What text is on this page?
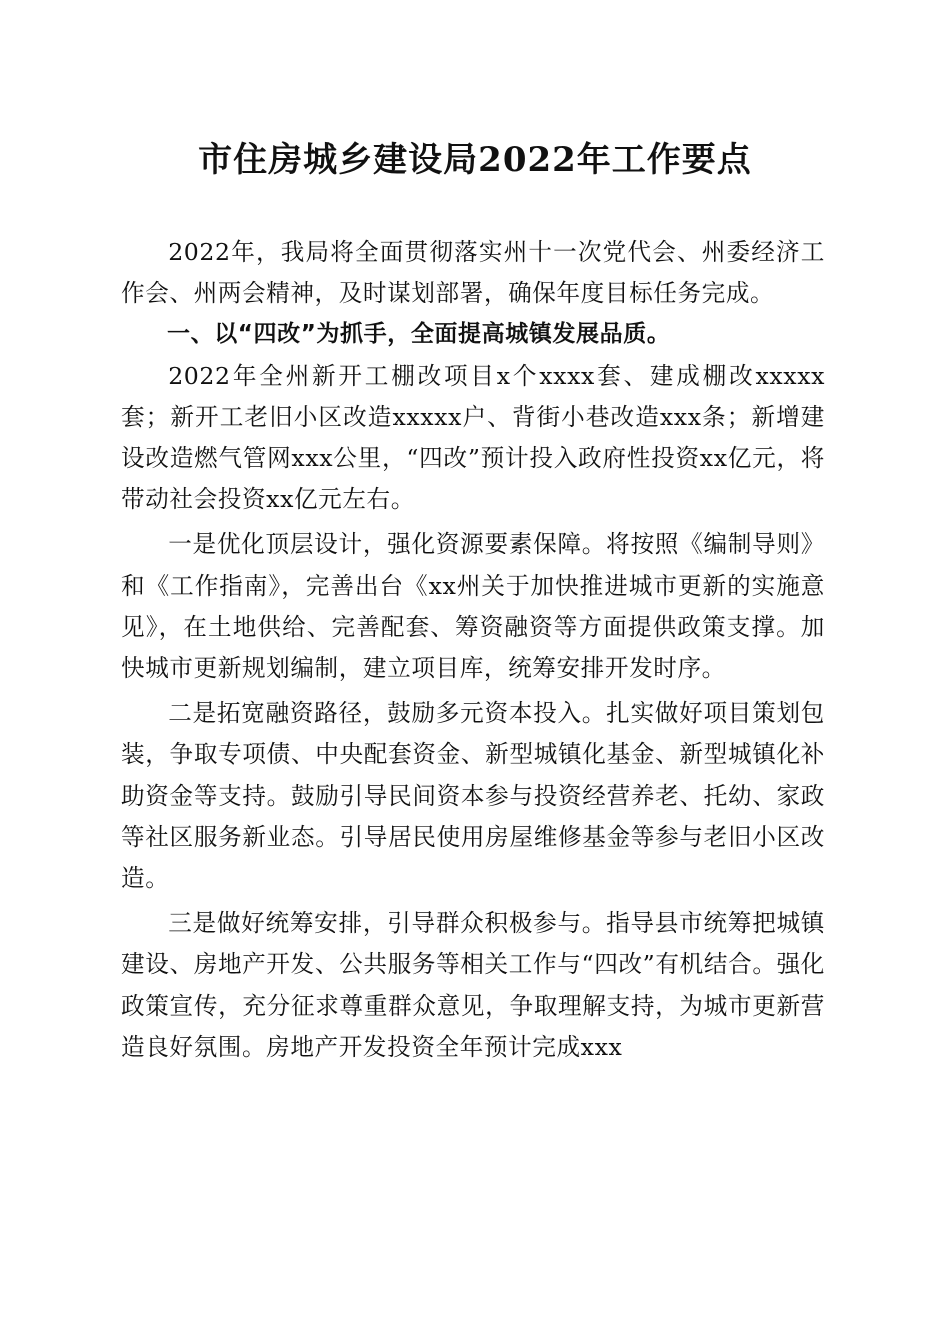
市住房城乡建设局2022年工作要点

2022年，我局将全面贯彻落实州十一次党代会、州委经济工作会、州两会精神，及时谋划部署，确保年度目标任务完成。

一、以“四改”为抓手，全面提高城镇发展品质。

2022年全州新开工棚改项目x个xxxx套、建成棚改xxxxx套；新开工老旧小区改造xxxxx户、背街小巷改造xxx条；新增建设改造燃气管网xxx公里，“四改”预计投入政府性投资xx亿元，将带动社会投资xx亿元左右。

一是优化顶层设计，强化资源要素保障。将按照《编制导则》和《工作指南》，完善出台《xx州关于加快推进城市更新的实施意见》，在土地供给、完善配套、筹资融资等方面提供政策支撑。加快城市更新规划编制，建立项目库，统筹安排开发时序。

二是拓宽融资路径，鼓励多元资本投入。扎实做好项目策划包装，争取专项债、中央配套资金、新型城镇化基金、新型城镇化补助资金等支持。鼓励引导民间资本参与投资经营养老、托幼、家政等社区服务新业态。引导居民使用房屋维修基金等参与老旧小区改造。

三是做好统筹安排，引导群众积极参与。指导县市统筹把城镇建设、房地产开发、公共服务等相关工作与“四改”有机结合。强化政策宣传，充分征求尊重群众意见，争取理解支持，为城市更新营造良好氛围。房地产开发投资全年预计完成xxx
